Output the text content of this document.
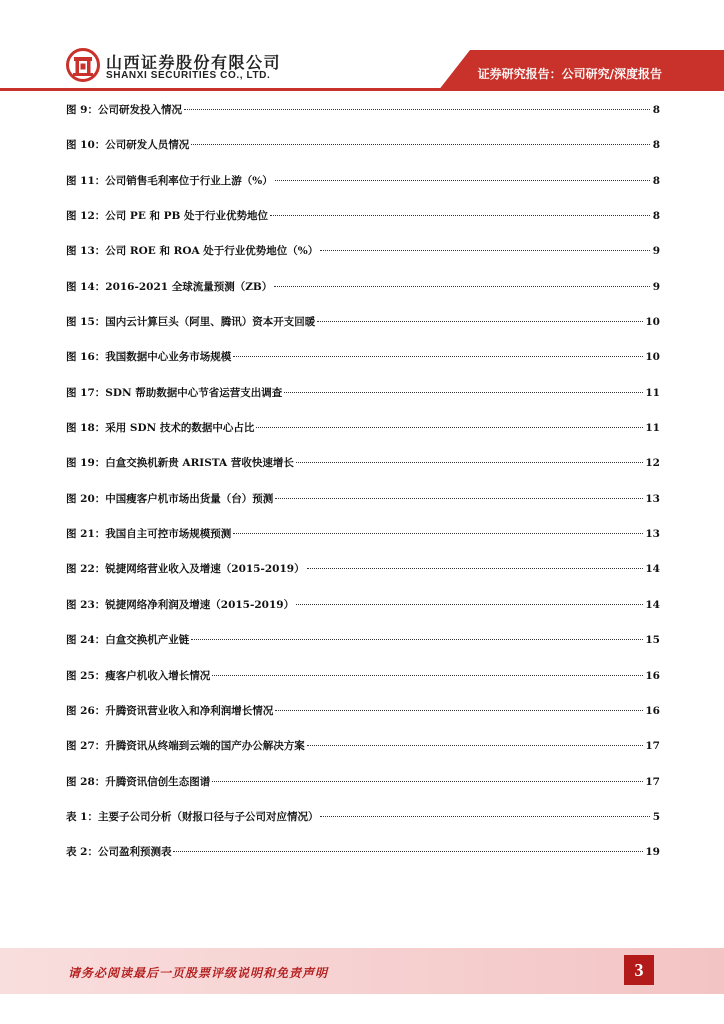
山西证券股份有限公司
SHANXI SECURITIES CO., LTD.	证券研究报告：公司研究/深度报告
图 9：公司研发投入情况	8
图 10：公司研发人员情况	8
图 11：公司销售毛利率位于行业上游（%）	8
图 12：公司 PE 和 PB 处于行业优势地位	8
图 13：公司 ROE 和 ROA 处于行业优势地位（%）	9
图 14：2016-2021 全球流量预测（ZB）	9
图 15：国内云计算巨头（阿里、腾讯）资本开支回暖	10
图 16：我国数据中心业务市场规模	10
图 17：SDN 帮助数据中心节省运营支出调查	11
图 18：采用 SDN 技术的数据中心占比	11
图 19：白盒交换机新贵 ARISTA 营收快速增长	12
图 20：中国瘦客户机市场出货量（台）预测	13
图 21：我国自主可控市场规模预测	13
图 22：锐捷网络营业收入及增速（2015-2019）	14
图 23：锐捷网络净利润及增速（2015-2019）	14
图 24：白盒交换机产业链	15
图 25：瘦客户机收入增长情况	16
图 26：升腾资讯营业收入和净利润增长情况	16
图 27：升腾资讯从终端到云端的国产办公解决方案	17
图 28：升腾资讯信创生态图谱	17
表 1：主要子公司分析（财报口径与子公司对应情况）	5
表 2：公司盈利预测表	19
请务必阅读最后一页股票评级说明和免责声明	3
